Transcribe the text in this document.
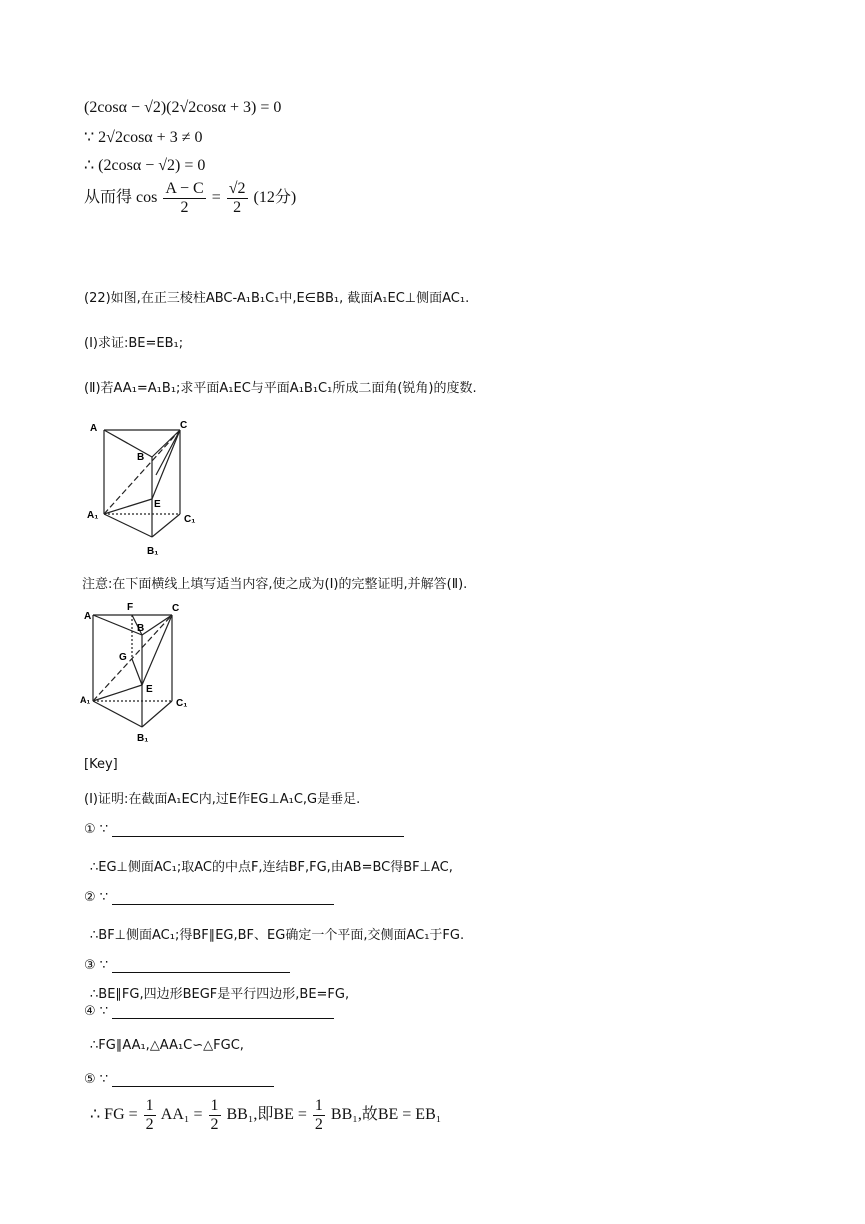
(2cosα − √2)(2√2cosα + 3) = 0
∵ 2√2cosα + 3 ≠ 0
∴ (2cosα − √2) = 0
从而得 $\cos \frac{A - C}{2} = \frac{√2}{2} (12$分)
(22)如图,在正三棱柱ABC-A₁B₁C₁中,E∈BB₁, 截面A₁EC⊥侧面AC₁.
(Ⅰ)求证:BE=EB₁;
(Ⅱ)若AA₁=A₁B₁;求平面A₁EC与平面A₁B₁C₁所成二面角(锐角)的度数.
A	C
B
E
A₁	C₁
B₁
注意:在下面横线上填写适当内容,使之成为(Ⅰ)的完整证明,并解答(Ⅱ).
A
F	C
B
G
E
A₁	C₁
B₁
[Key]
(Ⅰ)证明:在截面A₁EC内,过E作EG⊥A₁C,G是垂足.
① ∵
∴EG⊥侧面AC₁;取AC的中点F,连结BF,FG,由AB=BC得BF⊥AC,
② ∵
∴BF⊥侧面AC₁;得BF∥EG,BF、EG确定一个平面,交侧面AC₁于FG.
③ ∵
∴BE∥FG,四边形BEGF是平行四边形,BE=FG,
④ ∵
∴FG∥AA₁,△AA₁C∽△FGC,
⑤ ∵
∴ FG = $\frac{1}{2} AA_1 = \frac{1}{2} BB_1$,即BE = $\frac{1}{2} BB_1$,故BE = EB₁
